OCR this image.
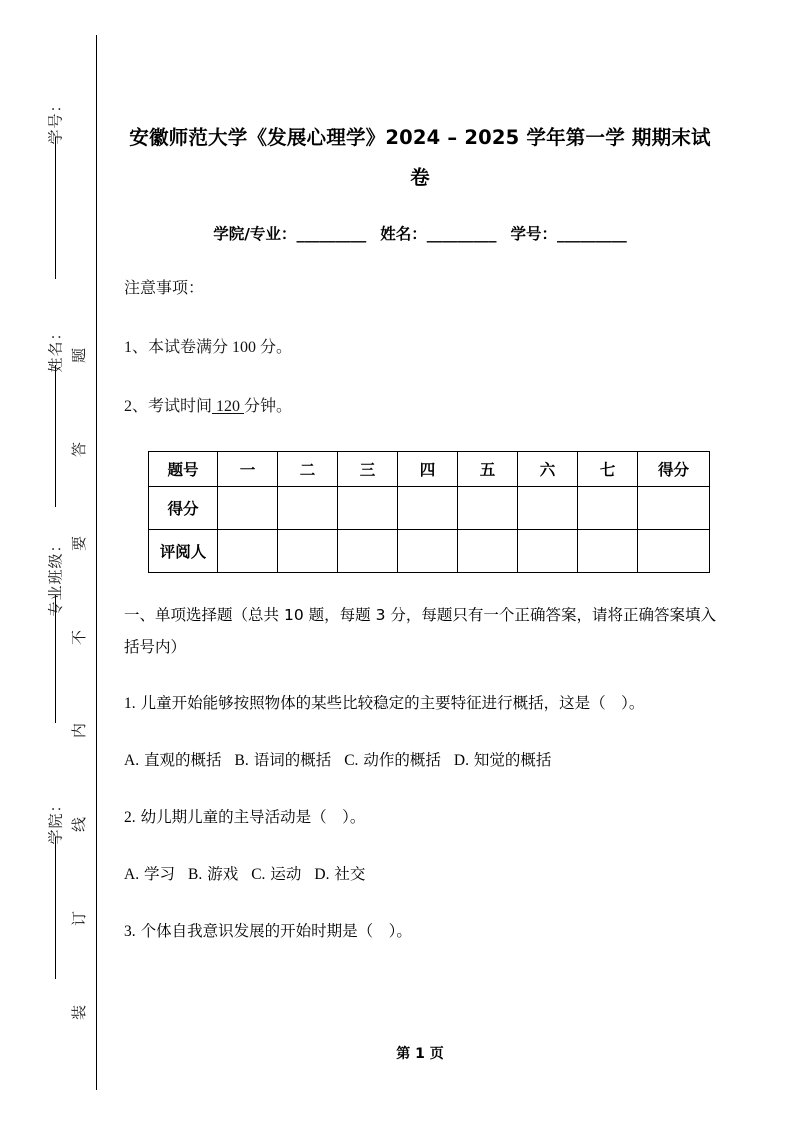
题
答
要
不
内
线
订
装
学号：
姓名：
专业班级：
学院：
安徽师范大学《发展心理学》2024 – 2025 学年第一学 期期末试卷
学院/专业：_________ 姓名：_________ 学号：_________

注意事项：

1、本试卷满分 100 分。

2、考试时间 120 分钟。

题号	一	二	三	四	五	六	七	得分
得分								
评阅人								

一、单项选择题（总共 10 题，每题 3 分，每题只有一个正确答案，请将正确答案填入括号内）

1. 儿童开始能够按照物体的某些比较稳定的主要特征进行概括，这是（　）。

A. 直观的概括 B. 语词的概括 C. 动作的概括 D. 知觉的概括

2. 幼儿期儿童的主导活动是（　）。

A. 学习 B. 游戏 C. 运动 D. 社交

3. 个体自我意识发展的开始时期是（　）。

第 1 页
